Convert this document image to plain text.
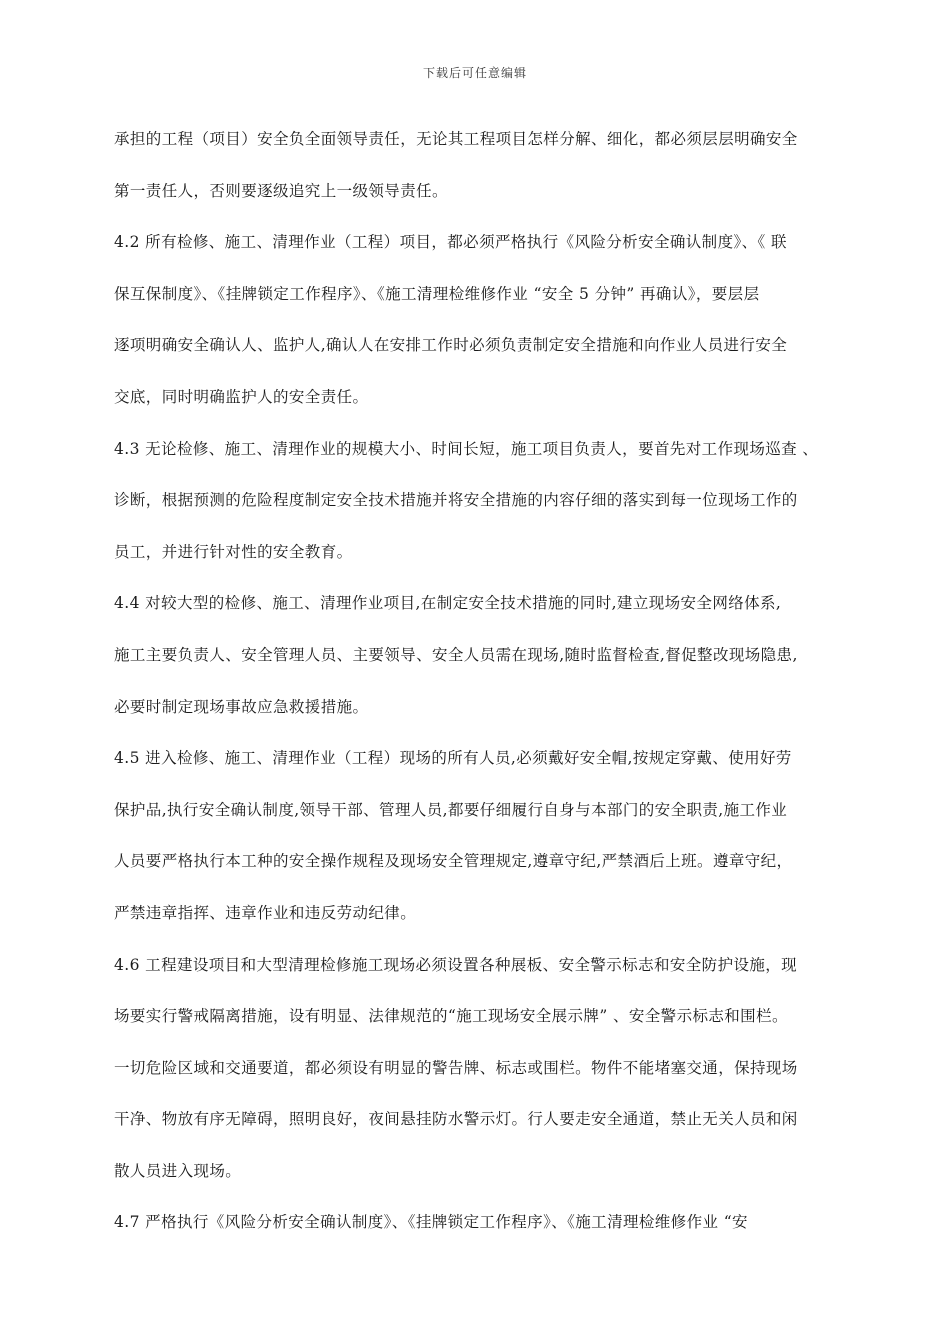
下载后可任意编辑
承担的工程（项目）安全负全面领导责任，无论其工程项目怎样分解、细化，都必须层层明确安全
第一责任人，否则要逐级追究上一级领导责任。
4.2 所有检修、施工、清理作业（工程）项目，都必须严格执行《风险分析安全确认制度》、《 联
保互保制度》、《挂牌锁定工作程序》、《施工清理检维修作业 “安全 5 分钟” 再确认》，要层层
逐项明确安全确认人、监护人,确认人在安排工作时必须负责制定安全措施和向作业人员进行安全
交底，同时明确监护人的安全责任。
4.3 无论检修、施工、清理作业的规模大小、时间长短，施工项目负责人，要首先对工作现场巡查 、
诊断，根据预测的危险程度制定安全技术措施并将安全措施的内容仔细的落实到每一位现场工作的
员工，并进行针对性的安全教育。
4.4 对较大型的检修、施工、清理作业项目,在制定安全技术措施的同时,建立现场安全网络体系,
施工主要负责人、安全管理人员、主要领导、安全人员需在现场,随时监督检查,督促整改现场隐患,
必要时制定现场事故应急救援措施。
4.5 进入检修、施工、清理作业（工程）现场的所有人员,必须戴好安全帽,按规定穿戴、使用好劳
保护品,执行安全确认制度,领导干部、管理人员,都要仔细履行自身与本部门的安全职责,施工作业
人员要严格执行本工种的安全操作规程及现场安全管理规定,遵章守纪,严禁酒后上班。遵章守纪，
严禁违章指挥、违章作业和违反劳动纪律。
4.6 工程建设项目和大型清理检修施工现场必须设置各种展板、安全警示标志和安全防护设施，现
场要实行警戒隔离措施，设有明显、法律规范的“施工现场安全展示牌” 、安全警示标志和围栏。
一切危险区域和交通要道，都必须设有明显的警告牌、标志或围栏。物件不能堵塞交通，保持现场
干净、物放有序无障碍，照明良好，夜间悬挂防水警示灯。行人要走安全通道，禁止无关人员和闲
散人员进入现场。
4.7 严格执行《风险分析安全确认制度》、《挂牌锁定工作程序》、《施工清理检维修作业 “安
